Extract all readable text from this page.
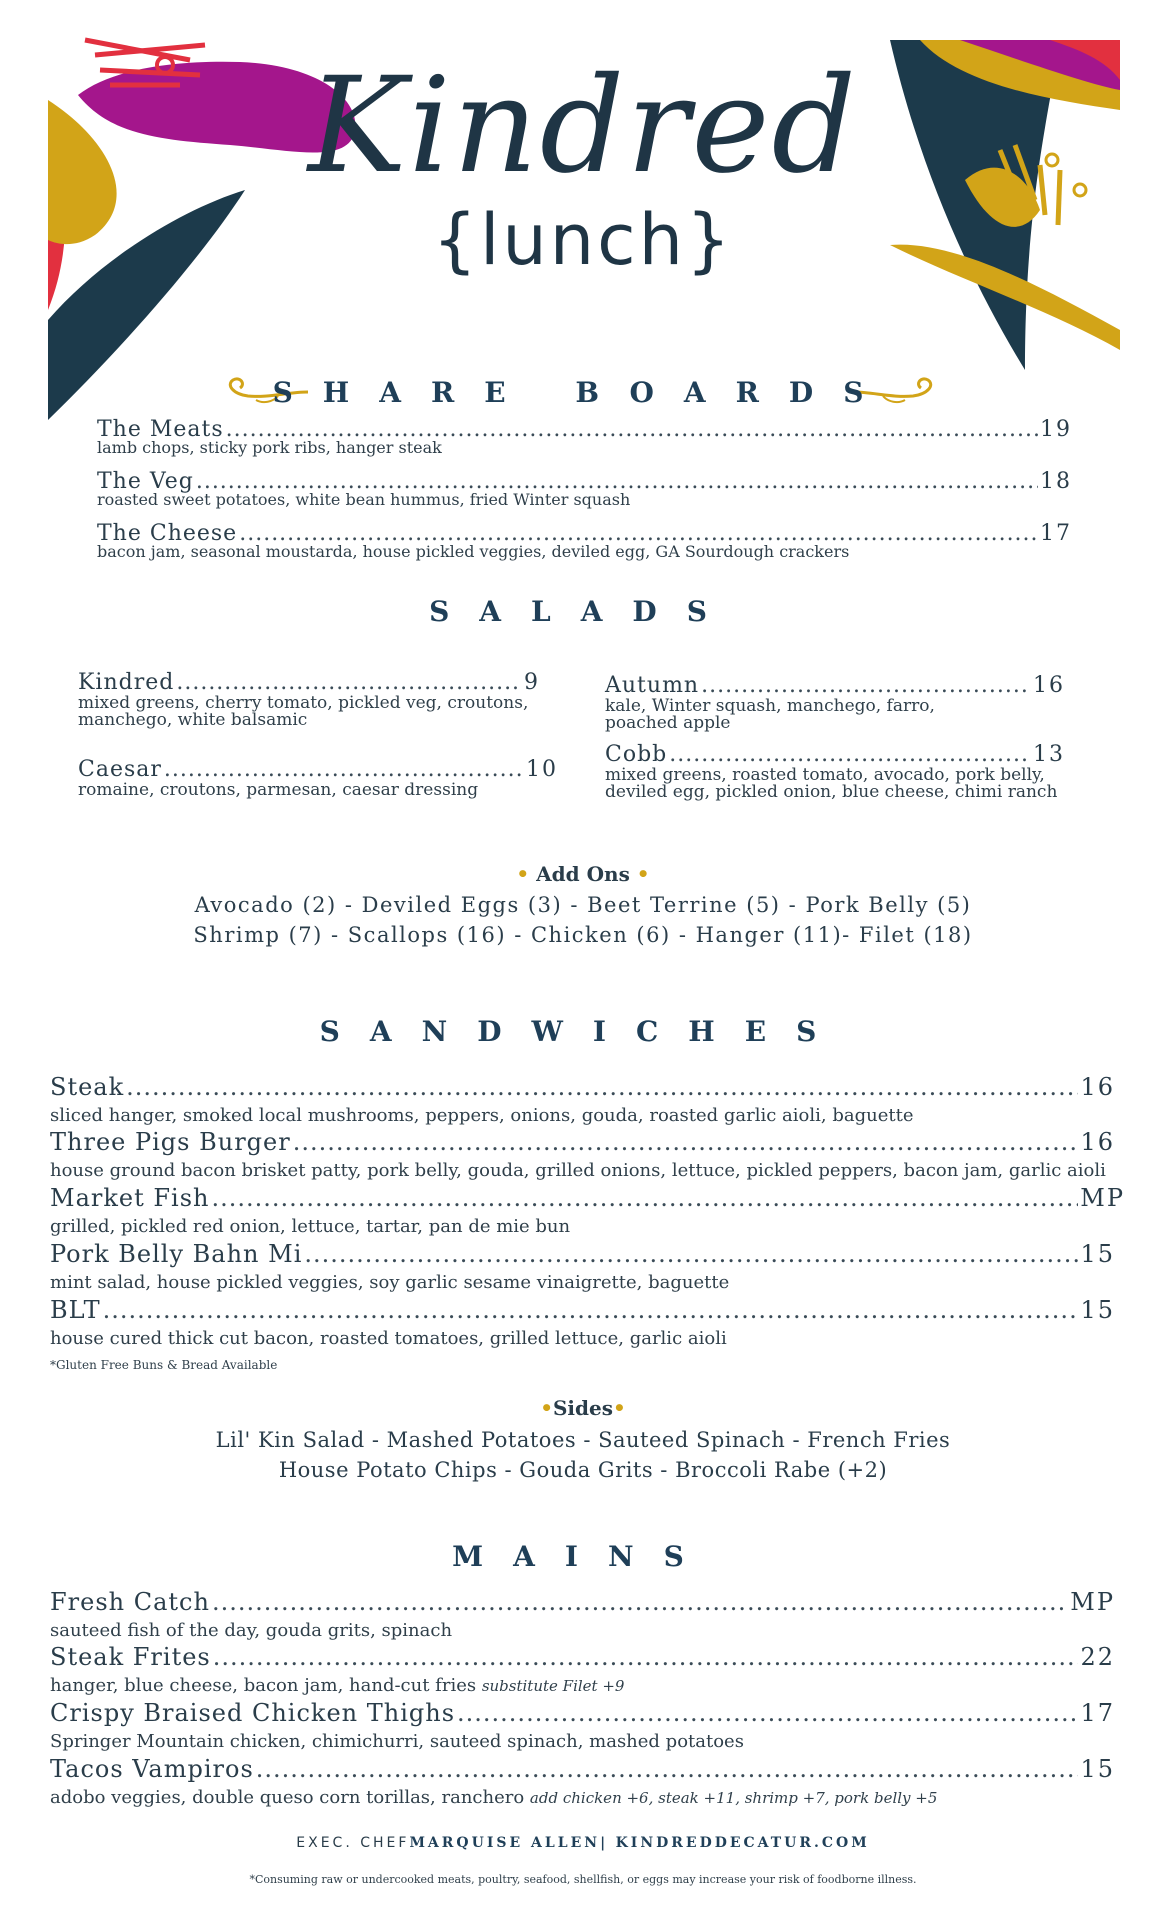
Kindred
{lunch}
SHARE BOARDS
The Meats .....	19
lamb chops, sticky pork ribs, hanger steak
The Veg .....	18
roasted sweet potatoes, white bean hummus, fried Winter squash
The Cheese .....	17
bacon jam, seasonal moustarda, house pickled veggies, deviled egg, GA Sourdough crackers
SALADS
Kindred .....	9
mixed greens, cherry tomato, pickled veg, croutons, manchego, white balsamic
Autumn .....	16
kale, Winter squash, manchego, farro, poached apple
Caesar .....	10
romaine, croutons, parmesan, caesar dressing
Cobb .....	13
mixed greens, roasted tomato, avocado, pork belly, deviled egg, pickled onion, blue cheese, chimi ranch
• Add Ons •
Avocado (2) - Deviled Eggs (3) - Beet Terrine (5) - Pork Belly (5)
Shrimp (7) - Scallops (16) - Chicken (6) - Hanger (11)- Filet (18)
SANDWICHES
Steak .....	16
sliced hanger, smoked local mushrooms, peppers, onions, gouda, roasted garlic aioli, baguette
Three Pigs Burger .....	16
house ground bacon brisket patty, pork belly, gouda, grilled onions, lettuce, pickled peppers, bacon jam, garlic aioli
Market Fish .....	MP
grilled, pickled red onion, lettuce, tartar, pan de mie bun
Pork Belly Bahn Mi .....	15
mint salad, house pickled veggies, soy garlic sesame vinaigrette, baguette
BLT .....	15
house cured thick cut bacon, roasted tomatoes, grilled lettuce, garlic aioli
*Gluten Free Buns & Bread Available
•Sides•
Lil' Kin Salad - Mashed Potatoes - Sauteed Spinach - French Fries
House Potato Chips - Gouda Grits - Broccoli Rabe (+2)
MAINS
Fresh Catch .....	MP
sauteed fish of the day, gouda grits, spinach
Steak Frites .....	22
hanger, blue cheese, bacon jam, hand-cut fries substitute Filet +9
Crispy Braised Chicken Thighs .....	17
Springer Mountain chicken, chimichurri, sauteed spinach, mashed potatoes
Tacos Vampiros .....	15
adobo veggies, double queso corn torillas, ranchero add chicken +6, steak +11, shrimp +7, pork belly +5
EXEC. CHEFMARQUISE ALLEN| KINDREDDECATUR.COM
*Consuming raw or undercooked meats, poultry, seafood, shellfish, or eggs may increase your risk of foodborne illness.
